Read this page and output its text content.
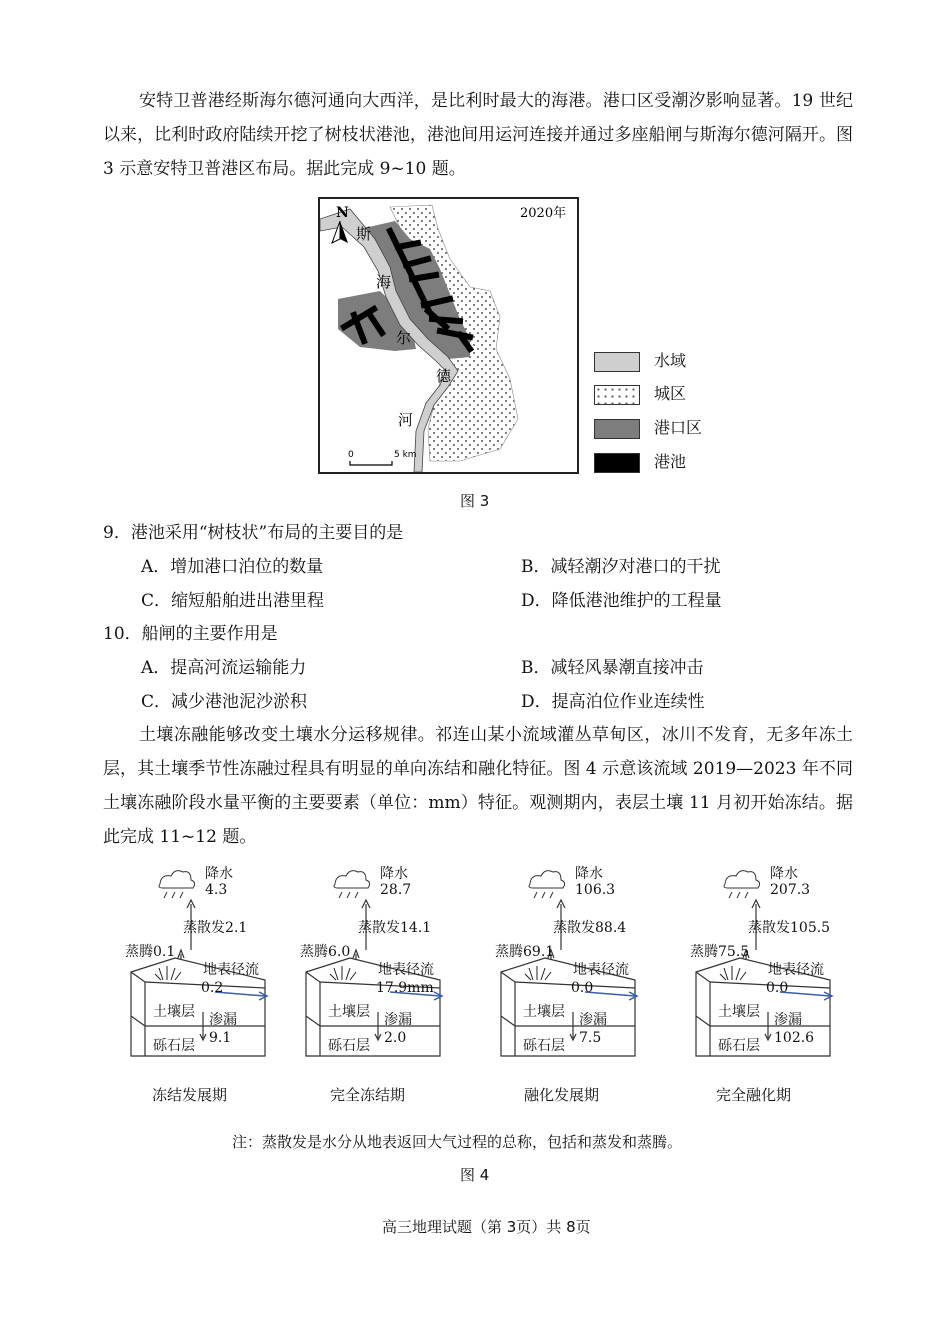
安特卫普港经斯海尔德河通向大西洋，是比利时最大的海港。港口区受潮汐影响显著。19 世纪以来，比利时政府陆续开挖了树枝状港池，港池间用运河连接并通过多座船闸与斯海尔德河隔开。图 3 示意安特卫普港区布局。据此完成 9~10 题。

N	2020年
斯
海
尔
德
河
0	5 km
水域
城区
港口区
港池
图 3

9．港池采用“树枝状”布局的主要目的是

A．增加港口泊位的数量	B．减轻潮汐对港口的干扰

C．缩短船舶进出港里程	D．降低港池维护的工程量

10．船闸的主要作用是

A．提高河流运输能力	B．减轻风暴潮直接冲击

C．减少港池泥沙淤积	D．提高泊位作业连续性

土壤冻融能够改变土壤水分运移规律。祁连山某小流域灌丛草甸区，冰川不发育，无多年冻土层，其土壤季节性冻融过程具有明显的单向冻结和融化特征。图 4 示意该流域 2019—2023 年不同土壤冻融阶段水量平衡的主要要素（单位：mm）特征。观测期内，表层土壤 11 月初开始冻结。据此完成 11~12 题。

降水
4.3
蒸散发2.1
蒸腾0.1
地表径流
0.2
土壤层 渗漏
9.1
砾石层
冻结发展期
降水
28.7
蒸散发14.1
蒸腾6.0
地表径流
17.9mm
土壤层 渗漏
2.0
砾石层
完全冻结期
降水
106.3
蒸散发88.4
蒸腾69.1
地表径流
0.0
土壤层 渗漏
7.5
砾石层
融化发展期
降水
207.3
蒸散发105.5
蒸腾75.5
地表径流
0.0
土壤层 渗漏
102.6
砾石层
完全融化期
注：蒸散发是水分从地表返回大气过程的总称，包括和蒸发和蒸腾。
图 4
高三地理试题（第 3页）共 8页
